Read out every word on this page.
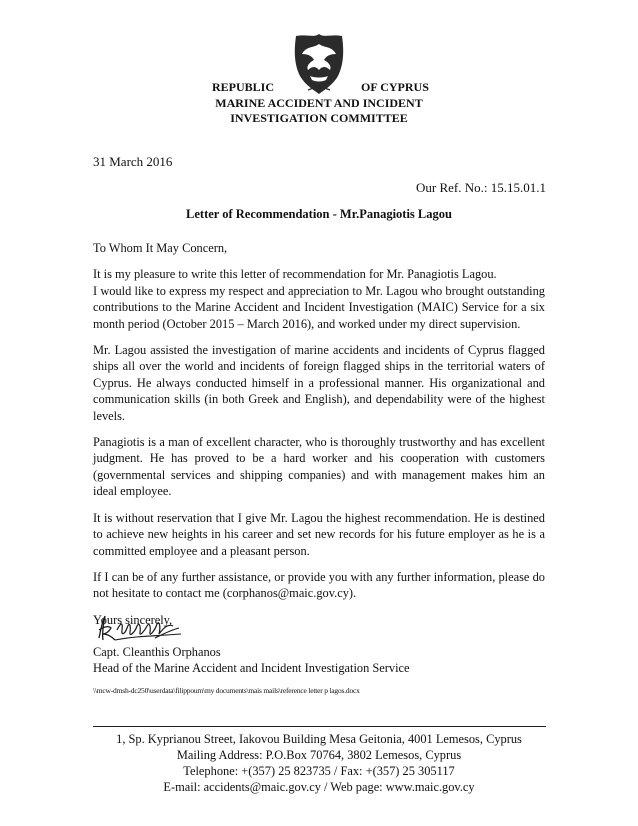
REPUBLIC	OF CYPRUS
MARINE ACCIDENT AND INCIDENT
INVESTIGATION COMMITTEE
31 March 2016
Our Ref. No.: 15.15.01.1
Letter of Recommendation - Mr.Panagiotis Lagou

To Whom It May Concern,

It is my pleasure to write this letter of recommendation for Mr. Panagiotis Lagou.

I would like to express my respect and appreciation to Mr. Lagou who brought outstanding contributions to the Marine Accident and Incident Investigation (MAIC) Service for a six month period (October 2015 – March 2016), and worked under my direct supervision.

Mr. Lagou assisted the investigation of marine accidents and incidents of Cyprus flagged ships all over the world and incidents of foreign flagged ships in the territorial waters of Cyprus. He always conducted himself in a professional manner. His organizational and communication skills (in both Greek and English), and dependability were of the highest levels.

Panagiotis is a man of excellent character, who is thoroughly trustworthy and has excellent judgment. He has proved to be a hard worker and his cooperation with customers (governmental services and shipping companies) and with management makes him an ideal employee.

It is without reservation that I give Mr. Lagou the highest recommendation. He is destined to achieve new heights in his career and set new records for his future employer as he is a committed employee and a pleasant person.

If I can be of any further assistance, or provide you with any further information, please do not hesitate to contact me (corphanos@maic.gov.cy).

Yours sincerely,

Capt. Cleanthis Orphanos
Head of the Marine Accident and Incident Investigation Service
\\mcw-dmsh-dc250\userdata\filippoum\my documents\mais mails\reference letter p lagos.docx
1, Sp. Kyprianou Street, Iakovou Building Mesa Geitonia, 4001 Lemesos, Cyprus
Mailing Address: P.O.Box 70764, 3802 Lemesos, Cyprus
Telephone: +(357) 25 823735 / Fax: +(357) 25 305117
E-mail: accidents@maic.gov.cy / Web page: www.maic.gov.cy
